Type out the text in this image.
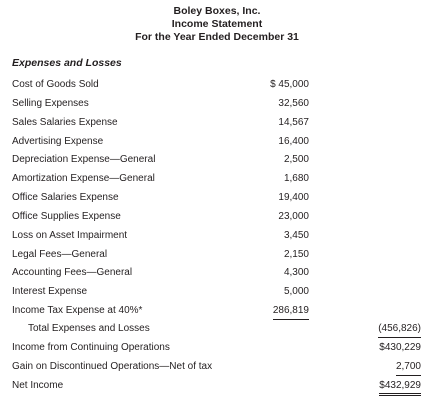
Boley Boxes, Inc.
Income Statement
For the Year Ended December 31
Expenses and Losses
Cost of Goods Sold	$ 45,000
Selling Expenses	32,560
Sales Salaries Expense	14,567
Advertising Expense	16,400
Depreciation Expense—General	2,500
Amortization Expense—General	1,680
Office Salaries Expense	19,400
Office Supplies Expense	23,000
Loss on Asset Impairment	3,450
Legal Fees—General	2,150
Accounting Fees—General	4,300
Interest Expense	5,000
Income Tax Expense at 40%*	286,819
Total Expenses and Losses	(456,826)
Income from Continuing Operations	$430,229
Gain on Discontinued Operations—Net of tax	2,700
Net Income	$432,929
